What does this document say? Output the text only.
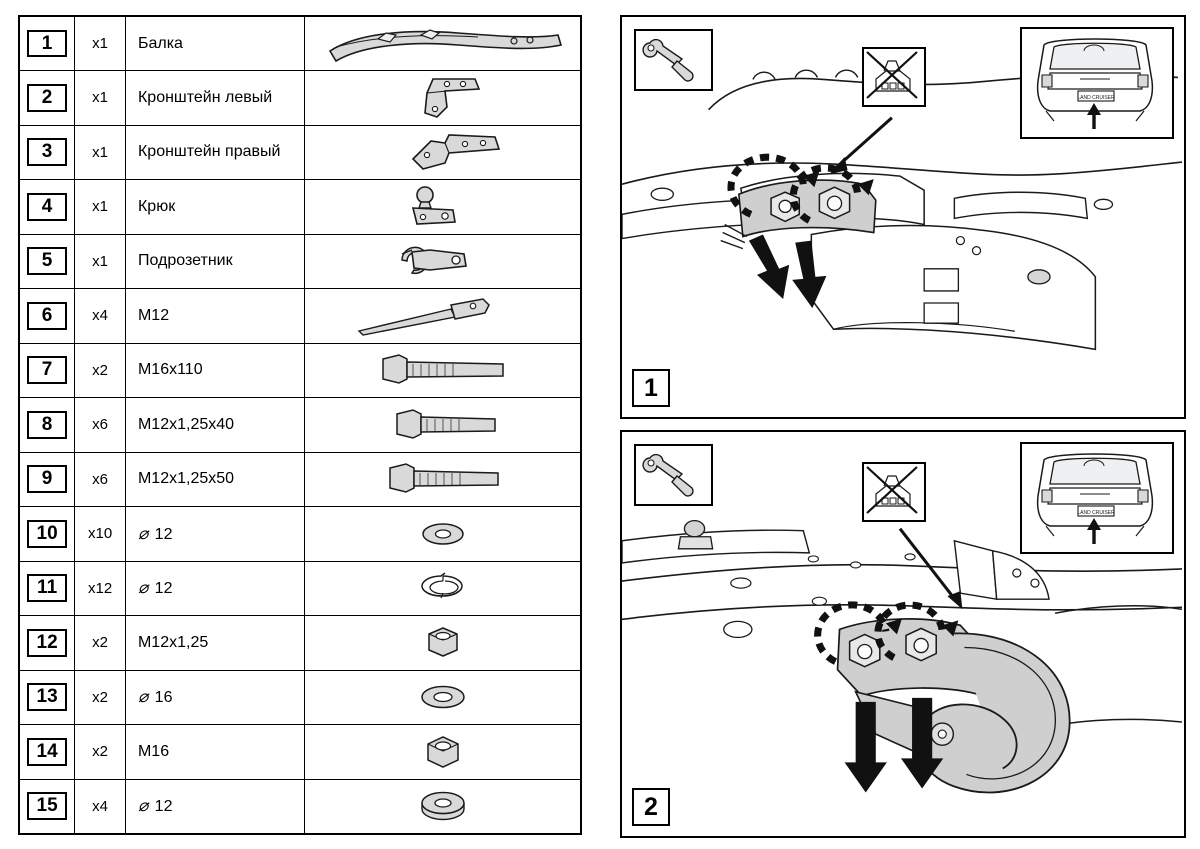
1	x1	Балка	

2	x1	Кронштейн левый	

3	x1	Кронштейн правый	

4	x1	Крюк	

5	x1	Подрозетник	

6	x4	M12	

7	x2	M16x110	

8	x6	M12x1,25x40	

9	x6	M12x1,25x50	

10	x10	⌀ 12	

11	x12	⌀ 12	

12	x2	M12x1,25	

13	x2	⌀ 16	

14	x2	M16	

15	x4	⌀ 12	
LAND CRUISER
1
LAND CRUISER
2
